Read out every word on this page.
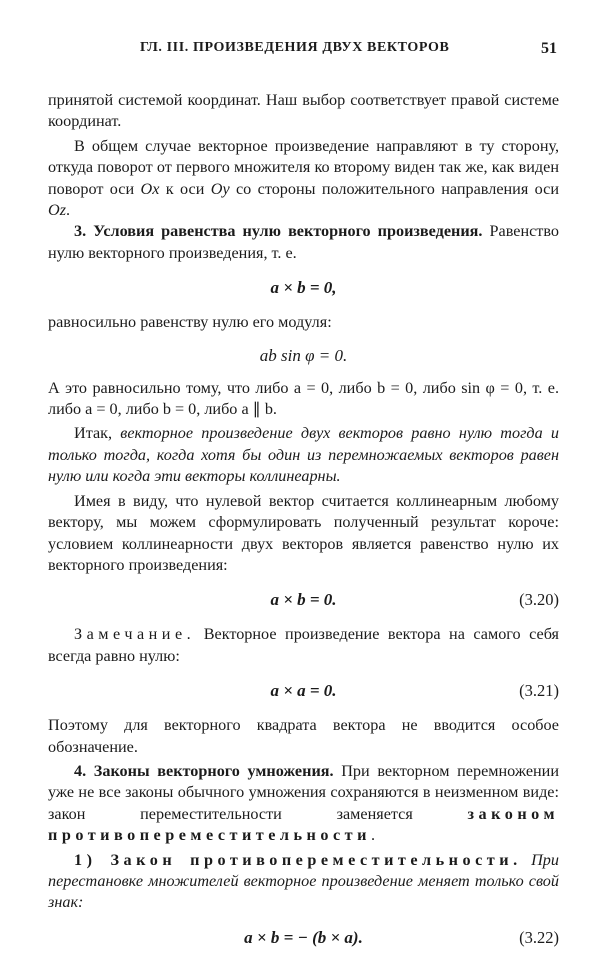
ГЛ. III. ПРОИЗВЕДЕНИЯ ДВУХ ВЕКТОРОВ	51

принятой системой координат. Наш выбор соответствует правой системе координат.

В общем случае векторное произведение направляют в ту сторону, откуда поворот от первого множителя ко второму виден так же, как виден поворот оси Ox к оси Oy со стороны положительного направления оси Oz.

3. Условия равенства нулю векторного произведения. Равенство нулю векторного произведения, т. е.

a × b = 0,

равносильно равенству нулю его модуля:

ab sin φ = 0.

А это равносильно тому, что либо a = 0, либо b = 0, либо sin φ = 0, т. е. либо a = 0, либо b = 0, либо a ∥ b.

Итак, векторное произведение двух векторов равно нулю тогда и только тогда, когда хотя бы один из перемножаемых векторов равен нулю или когда эти векторы коллинеарны.

Имея в виду, что нулевой вектор считается коллинеарным любому вектору, мы можем сформулировать полученный результат короче: условием коллинеарности двух векторов является равенство нулю их векторного произведения:

a × b = 0.	(3.20)

Замечание. Векторное произведение вектора на самого себя всегда равно нулю:

a × a = 0.	(3.21)

Поэтому для векторного квадрата вектора не вводится особое обозначение.

4. Законы векторного умножения. При векторном перемножении уже не все законы обычного умножения сохраняются в неизменном виде: закон переместительности заменяется законом противопереместительности.

1) Закон противопереместительности. При перестановке множителей векторное произведение меняет только свой знак:

a × b = − (b × a).	(3.22)
